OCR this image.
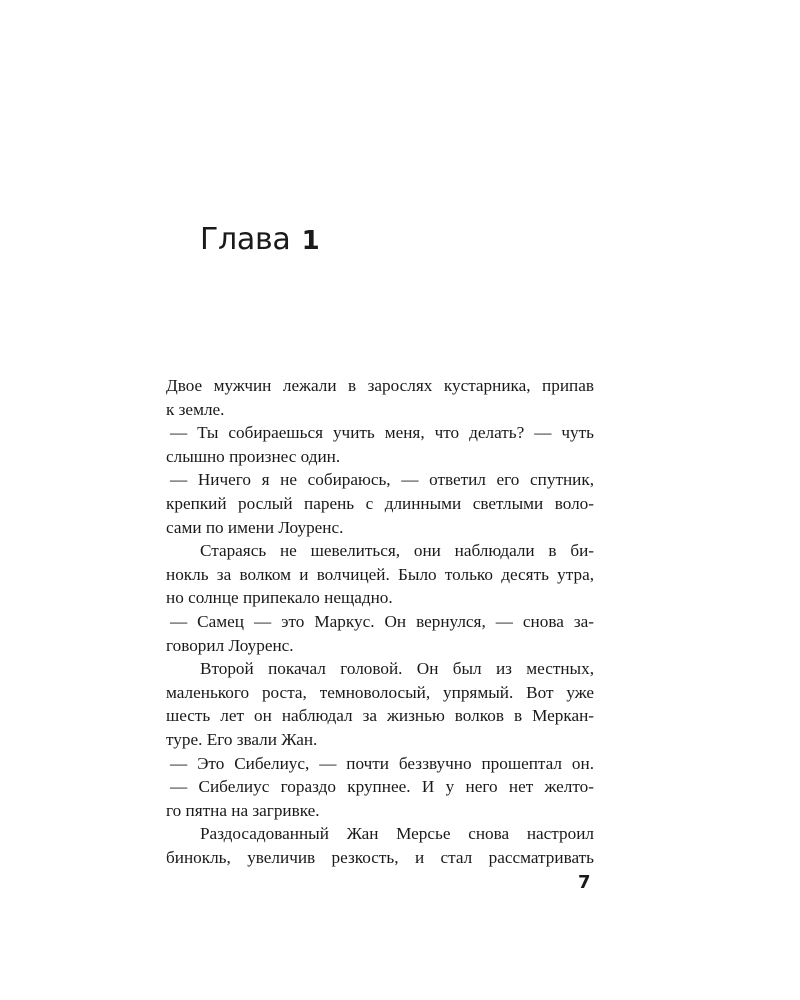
Глава 1
Двое мужчин лежали в зарослях кустарника, припав
к земле.
— Ты собираешься учить меня, что делать? — чуть
слышно произнес один.
— Ничего я не собираюсь, — ответил его спутник,
крепкий рослый парень с длинными светлыми воло-
сами по имени Лоуренс.
Стараясь не шевелиться, они наблюдали в би-
нокль за волком и волчицей. Было только десять утра,
но солнце припекало нещадно.
— Самец — это Маркус. Он вернулся, — снова за-
говорил Лоуренс.
Второй покачал головой. Он был из местных,
маленького роста, темноволосый, упрямый. Вот уже
шесть лет он наблюдал за жизнью волков в Меркан-
туре. Его звали Жан.
— Это Сибелиус, — почти беззвучно прошептал он.
— Сибелиус гораздо крупнее. И у него нет желто-
го пятна на загривке.
Раздосадованный Жан Мерсье снова настроил
бинокль, увеличив резкость, и стал рассматривать
7
